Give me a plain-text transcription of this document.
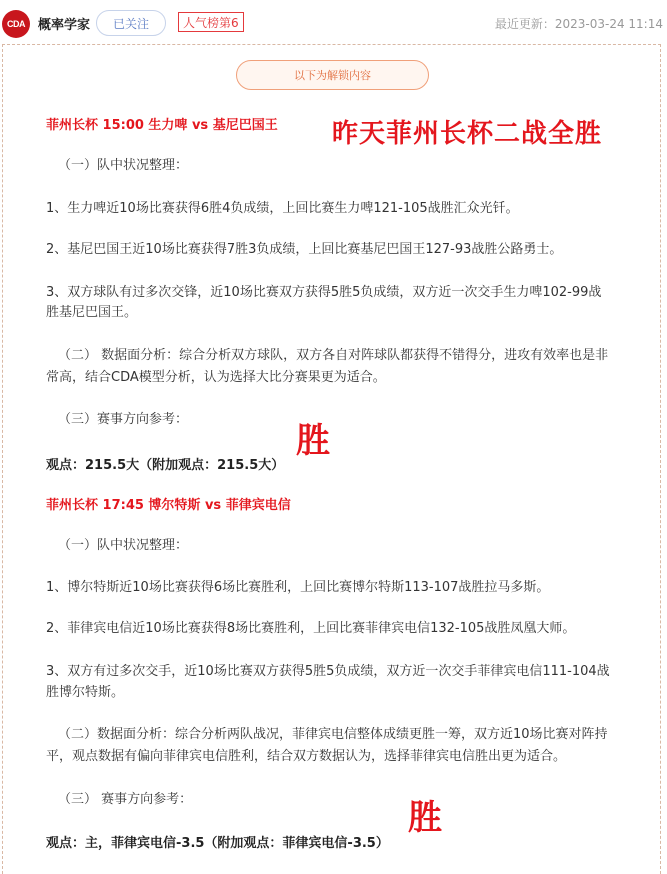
CDA	概率学家	已关注	人气榜第6	最近更新：2023-03-24 11:14
以下为解锁内容
菲州长杯 15:00 生力啤 vs 基尼巴国王 昨天菲州长杯二战全胜
（一）队中状况整理：
1、生力啤近10场比赛获得6胜4负成绩，上回比赛生力啤121-105战胜汇众光钎。
2、基尼巴国王近10场比赛获得7胜3负成绩，上回比赛基尼巴国王127-93战胜公路勇士。
3、双方球队有过多次交锋，近10场比赛双方获得5胜5负成绩，双方近一次交手生力啤102-99战
胜基尼巴国王。
（二） 数据面分析：综合分析双方球队，双方各自对阵球队都获得不错得分，进攻有效率也是非
常高，结合CDA模型分析，认为选择大比分赛果更为适合。
（三）赛事方向参考：
胜
观点：215.5大（附加观点：215.5大）
菲州长杯 17:45 博尔特斯 vs 菲律宾电信
（一）队中状况整理：
1、博尔特斯近10场比赛获得6场比赛胜利，上回比赛博尔特斯113-107战胜拉马多斯。
2、菲律宾电信近10场比赛获得8场比赛胜利，上回比赛菲律宾电信132-105战胜凤凰大师。
3、双方有过多次交手，近10场比赛双方获得5胜5负成绩，双方近一次交手菲律宾电信111-104战
胜博尔特斯。
（二）数据面分析：综合分析两队战况，菲律宾电信整体成绩更胜一筹，双方近10场比赛对阵持
平，观点数据有偏向菲律宾电信胜利，结合双方数据认为，选择菲律宾电信胜出更为适合。
（三） 赛事方向参考：	胜
观点：主，菲律宾电信-3.5（附加观点：菲律宾电信-3.5）
